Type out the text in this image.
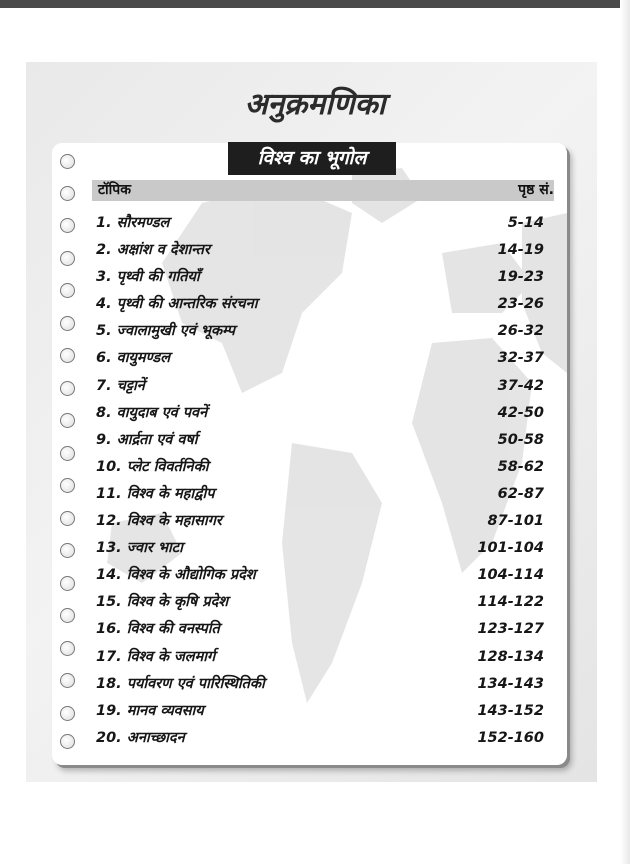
अनुक्रमणिका
विश्व का भूगोल
टॉपिक	पृष्ठ सं.
1. सौरमण्डल	5-14
2. अक्षांश व देशान्तर	14-19
3. पृथ्वी की गतियाँ	19-23
4. पृथ्वी की आन्तरिक संरचना	23-26
5. ज्वालामुखी एवं भूकम्प	26-32
6. वायुमण्डल	32-37
7. चट्टानें	37-42
8. वायुदाब एवं पवनें	42-50
9. आर्द्रता एवं वर्षा	50-58
10. प्लेट विवर्तनिकी	58-62
11. विश्व के महाद्वीप	62-87
12. विश्व के महासागर	87-101
13. ज्वार भाटा	101-104
14. विश्व के औद्योगिक प्रदेश	104-114
15. विश्व के कृषि प्रदेश	114-122
16. विश्व की वनस्पति	123-127
17. विश्व के जलमार्ग	128-134
18. पर्यावरण एवं पारिस्थितिकी	134-143
19. मानव व्यवसाय	143-152
20. अनाच्छादन	152-160
